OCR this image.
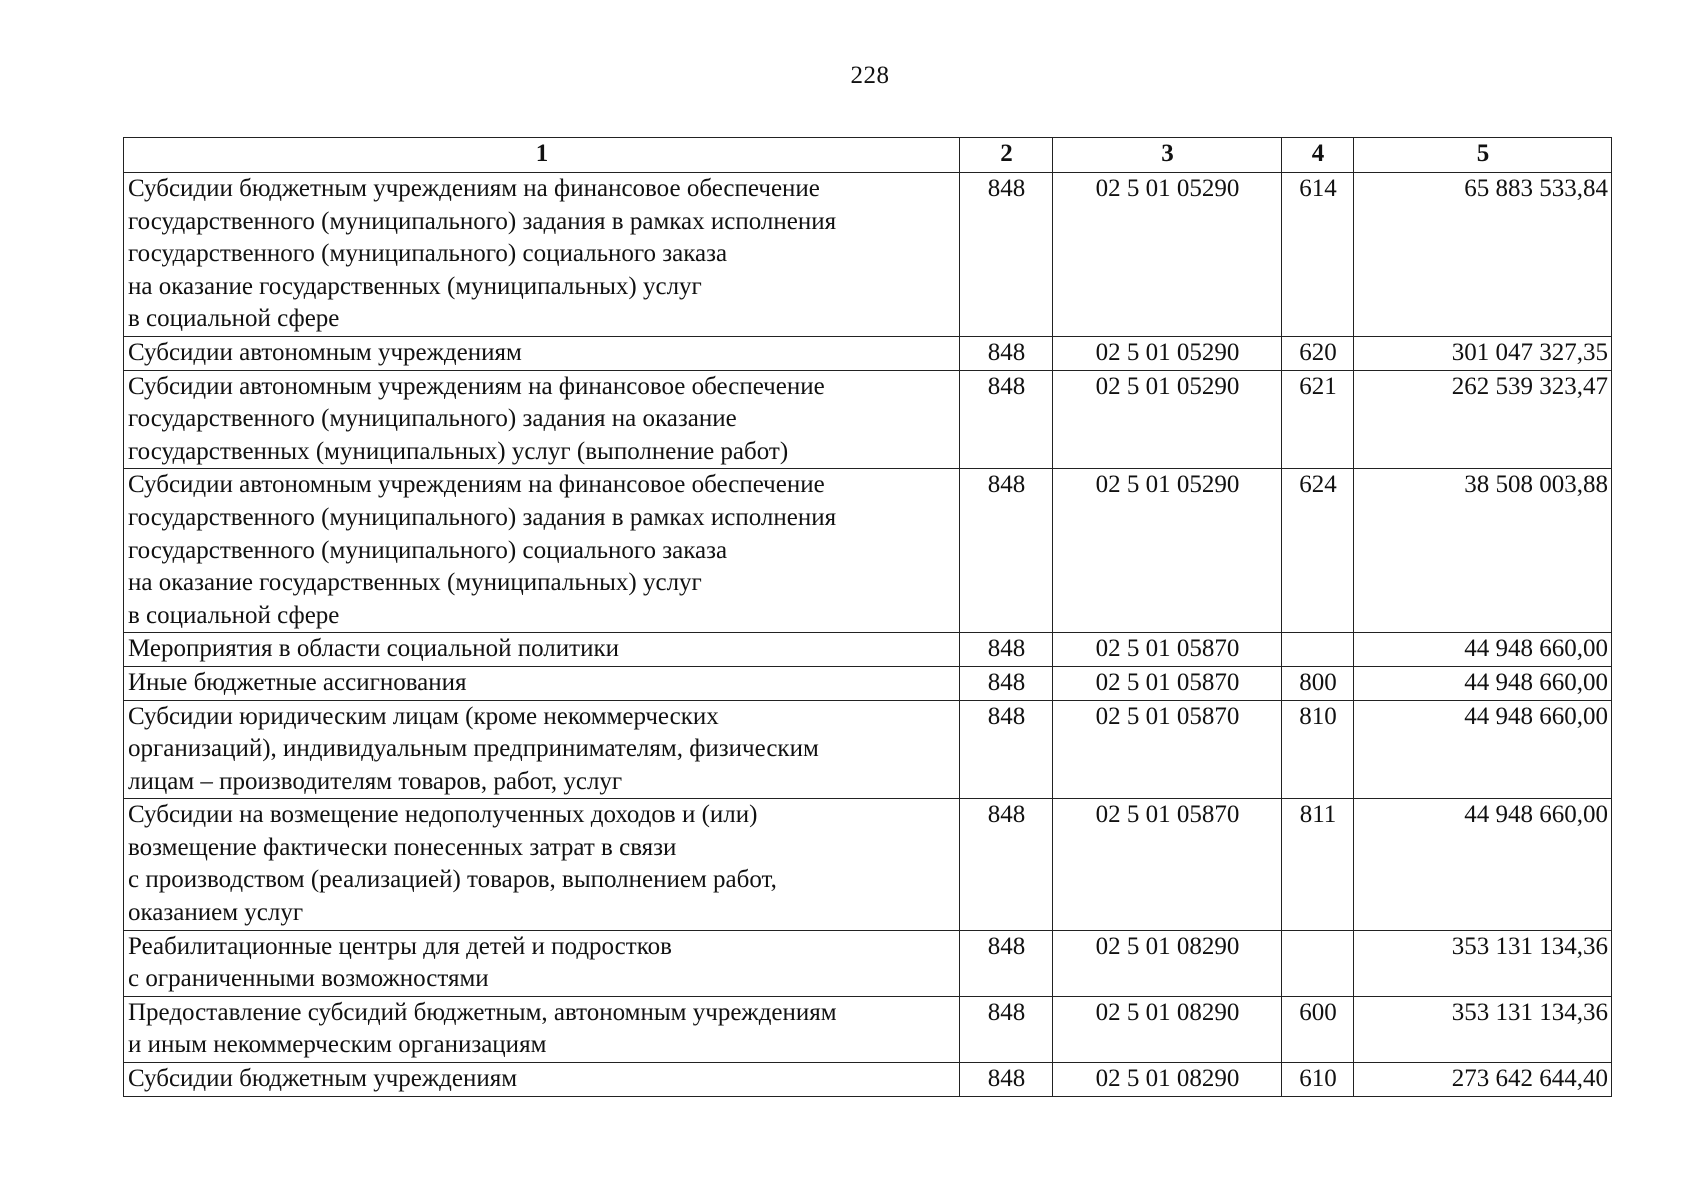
228
1	2	3	4	5
Субсидии бюджетным учреждениям на финансовое обеспечение
государственного (муниципального) задания в рамках исполнения
государственного (муниципального) социального заказа
на оказание государственных (муниципальных) услуг
в социальной сфере	848	02 5 01 05290	614	65 883 533,84
Субсидии автономным учреждениям	848	02 5 01 05290	620	301 047 327,35
Субсидии автономным учреждениям на финансовое обеспечение
государственного (муниципального) задания на оказание
государственных (муниципальных) услуг (выполнение работ)	848	02 5 01 05290	621	262 539 323,47
Субсидии автономным учреждениям на финансовое обеспечение
государственного (муниципального) задания в рамках исполнения
государственного (муниципального) социального заказа
на оказание государственных (муниципальных) услуг
в социальной сфере	848	02 5 01 05290	624	38 508 003,88
Мероприятия в области социальной политики	848	02 5 01 05870		44 948 660,00
Иные бюджетные ассигнования	848	02 5 01 05870	800	44 948 660,00
Субсидии юридическим лицам (кроме некоммерческих
организаций), индивидуальным предпринимателям, физическим
лицам – производителям товаров, работ, услуг	848	02 5 01 05870	810	44 948 660,00
Субсидии на возмещение недополученных доходов и (или)
возмещение фактически понесенных затрат в связи
с производством (реализацией) товаров, выполнением работ,
оказанием услуг	848	02 5 01 05870	811	44 948 660,00
Реабилитационные центры для детей и подростков
с ограниченными возможностями	848	02 5 01 08290		353 131 134,36
Предоставление субсидий бюджетным, автономным учреждениям
и иным некоммерческим организациям	848	02 5 01 08290	600	353 131 134,36
Субсидии бюджетным учреждениям	848	02 5 01 08290	610	273 642 644,40
